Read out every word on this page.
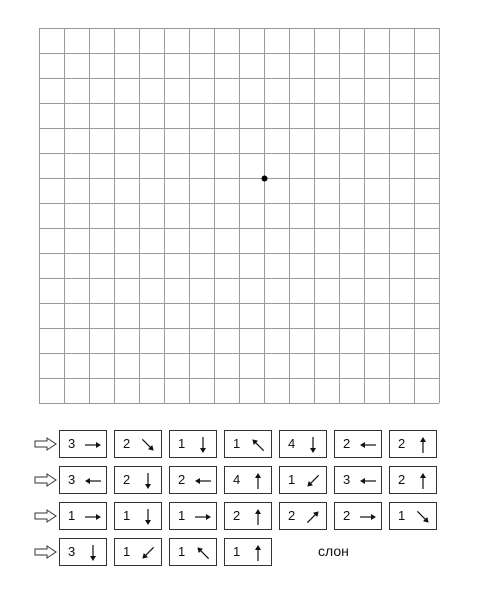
3	2	1	1	4	2	2
3	2	2	4	1	3	2
1	1	1	2	2	2	1
слон
3	1	1	1
